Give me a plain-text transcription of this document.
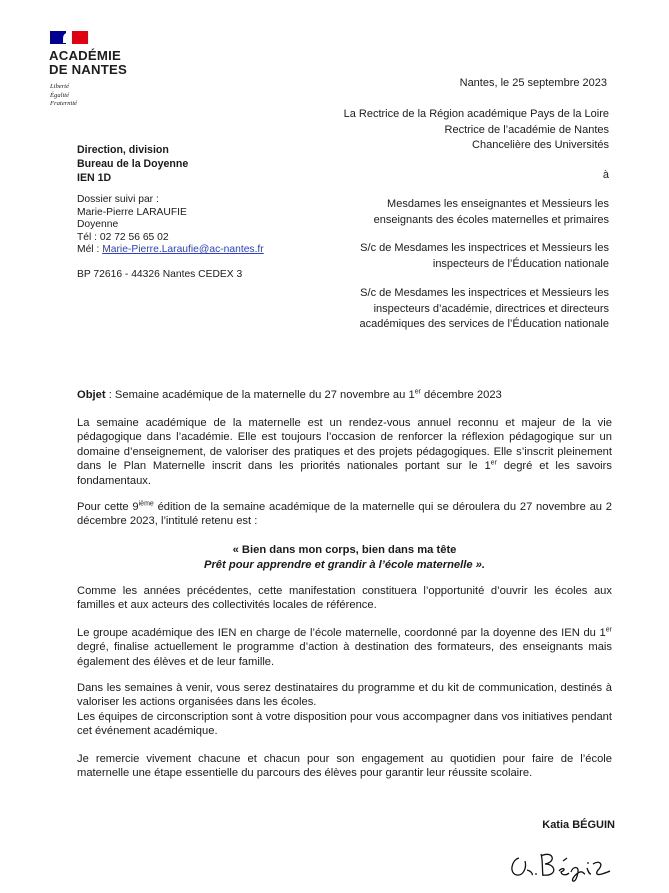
ACADÉMIE
DE NANTES
Liberté
Égalité
Fraternité
Nantes, le 25 septembre 2023
La Rectrice de la Région académique Pays de la Loire
Rectrice de l’académie de Nantes
Chancelière des Universités
à
Mesdames les enseignantes et Messieurs les
enseignants des écoles maternelles et primaires
S/c de Mesdames les inspectrices et Messieurs les
inspecteurs de l’Éducation nationale
S/c de Mesdames les inspectrices et Messieurs les
inspecteurs d’académie, directrices et directeurs
académiques des services de l’Éducation nationale
Direction, division
Bureau de la Doyenne
IEN 1D
Dossier suivi par :
Marie-Pierre LARAUFIE
Doyenne
Tél : 02 72 56 65 02
Mél : Marie-Pierre.Laraufie@ac-nantes.fr
BP 72616 - 44326 Nantes CEDEX 3
Objet : Semaine académique de la maternelle du 27 novembre au 1er décembre 2023
La semaine académique de la maternelle est un rendez-vous annuel reconnu et majeur de la vie pédagogique dans l’académie. Elle est toujours l’occasion de renforcer la réflexion pédagogique sur un domaine d’enseignement, de valoriser des pratiques et des projets pédagogiques. Elle s’inscrit pleinement dans le Plan Maternelle inscrit dans les priorités nationales portant sur le 1er degré et les savoirs fondamentaux.
Pour cette 9ième édition de la semaine académique de la maternelle qui se déroulera du 27 novembre au 2 décembre 2023, l’intitulé retenu est :
« Bien dans mon corps, bien dans ma tête
Prêt pour apprendre et grandir à l’école maternelle ».
Comme les années précédentes, cette manifestation constituera l’opportunité d’ouvrir les écoles aux familles et aux acteurs des collectivités locales de référence.
Le groupe académique des IEN en charge de l’école maternelle, coordonné par la doyenne des IEN du 1er degré, finalise actuellement le programme d’action à destination des formateurs, des enseignants mais également des élèves et de leur famille.
Dans les semaines à venir, vous serez destinataires du programme et du kit de communication, destinés à valoriser les actions organisées dans les écoles.
Les équipes de circonscription sont à votre disposition pour vous accompagner dans vos initiatives pendant cet événement académique.
Je remercie vivement chacune et chacun pour son engagement au quotidien pour faire de l’école maternelle une étape essentielle du parcours des élèves pour garantir leur réussite scolaire.
Katia BÉGUIN
